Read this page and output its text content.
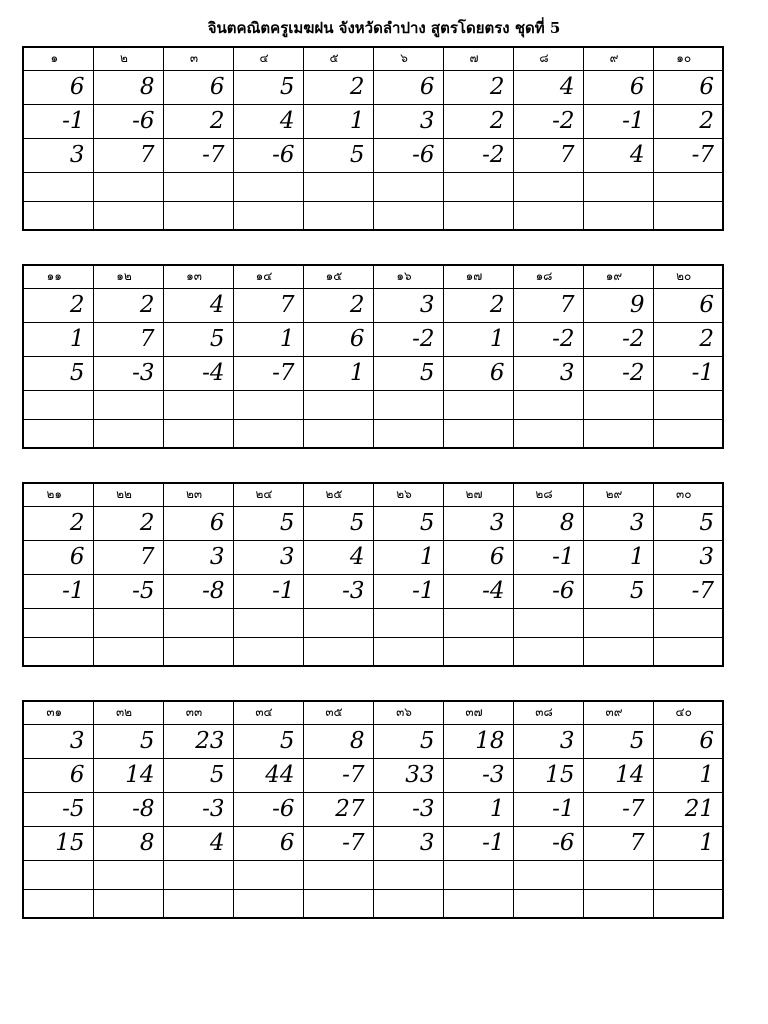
จินตคณิตครูเมฆฝน จังหวัดลำปาง สูตรโดยตรง ชุดที่ 5
๑	๒	๓	๔	๕	๖	๗	๘	๙	๑๐
6	8	6	5	2	6	2	4	6	6
-1	-6	2	4	1	3	2	-2	-1	2
3	7	-7	-6	5	-6	-2	7	4	-7

๑๑	๑๒	๑๓	๑๔	๑๕	๑๖	๑๗	๑๘	๑๙	๒๐
2	2	4	7	2	3	2	7	9	6
1	7	5	1	6	-2	1	-2	-2	2
5	-3	-4	-7	1	5	6	3	-2	-1

๒๑	๒๒	๒๓	๒๔	๒๕	๒๖	๒๗	๒๘	๒๙	๓๐
2	2	6	5	5	5	3	8	3	5
6	7	3	3	4	1	6	-1	1	3
-1	-5	-8	-1	-3	-1	-4	-6	5	-7

๓๑	๓๒	๓๓	๓๔	๓๕	๓๖	๓๗	๓๘	๓๙	๔๐
3	5	23	5	8	5	18	3	5	6
6	14	5	44	-7	33	-3	15	14	1
-5	-8	-3	-6	27	-3	1	-1	-7	21
15	8	4	6	-7	3	-1	-6	7	1
